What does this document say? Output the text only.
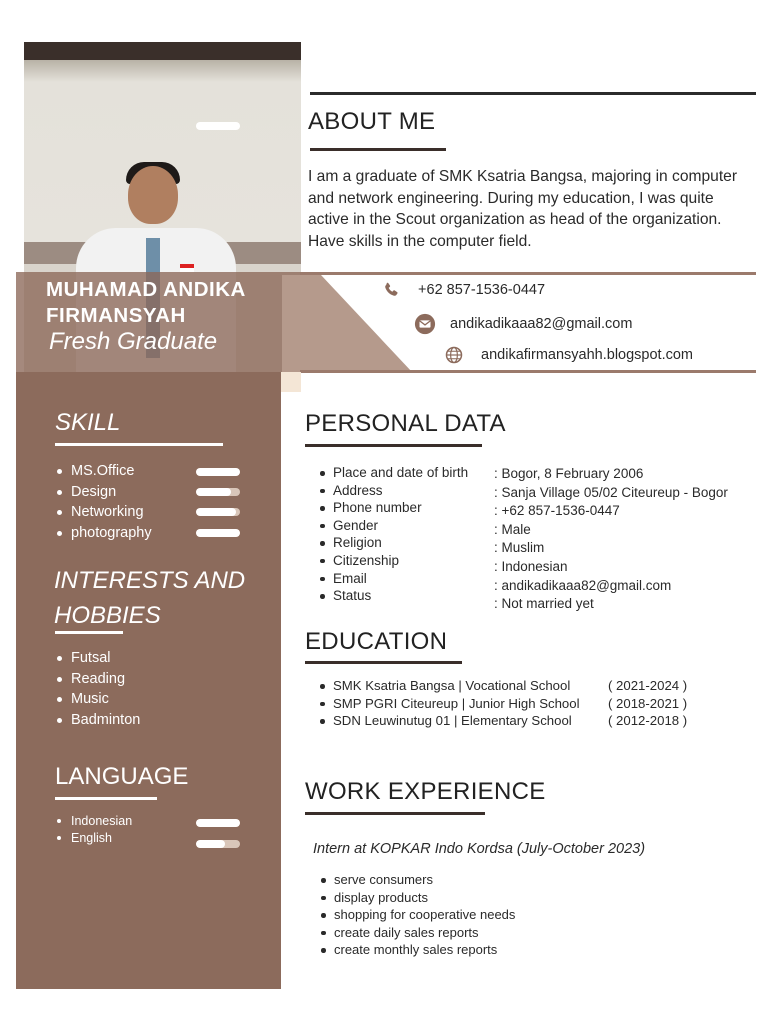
MUHAMAD ANDIKA
FIRMANSYAH
Fresh Graduate
ABOUT ME
I am a graduate of SMK Ksatria Bangsa, majoring in computer and network engineering. During my education, I was quite active in the Scout organization as head of the organization. Have skills in the computer field.
+62 857-1536-0447
andikadikaaa82@gmail.com
andikafirmansyahh.blogspot.com
SKILL
MS.Office
Design
Networking
photography
INTERESTS AND
HOBBIES
Futsal
Reading
Music
Badminton
LANGUAGE
Indonesian
English
PERSONAL DATA
Place and date of birth
Address
Phone number
Gender
Religion
Citizenship
Email
Status
: Bogor, 8 February 2006
: Sanja Village 05/02 Citeureup - Bogor
: +62 857-1536-0447
: Male
: Muslim
: Indonesian
: andikadikaaa82@gmail.com
: Not married yet
EDUCATION
SMK Ksatria Bangsa | Vocational School
SMP PGRI Citeureup | Junior High School
SDN Leuwinutug 01 | Elementary School
( 2021-2024 )
( 2018-2021 )
( 2012-2018 )
WORK EXPERIENCE
Intern at KOPKAR Indo Kordsa (July-October 2023)
serve consumers
display products
shopping for cooperative needs
create daily sales reports
create monthly sales reports
